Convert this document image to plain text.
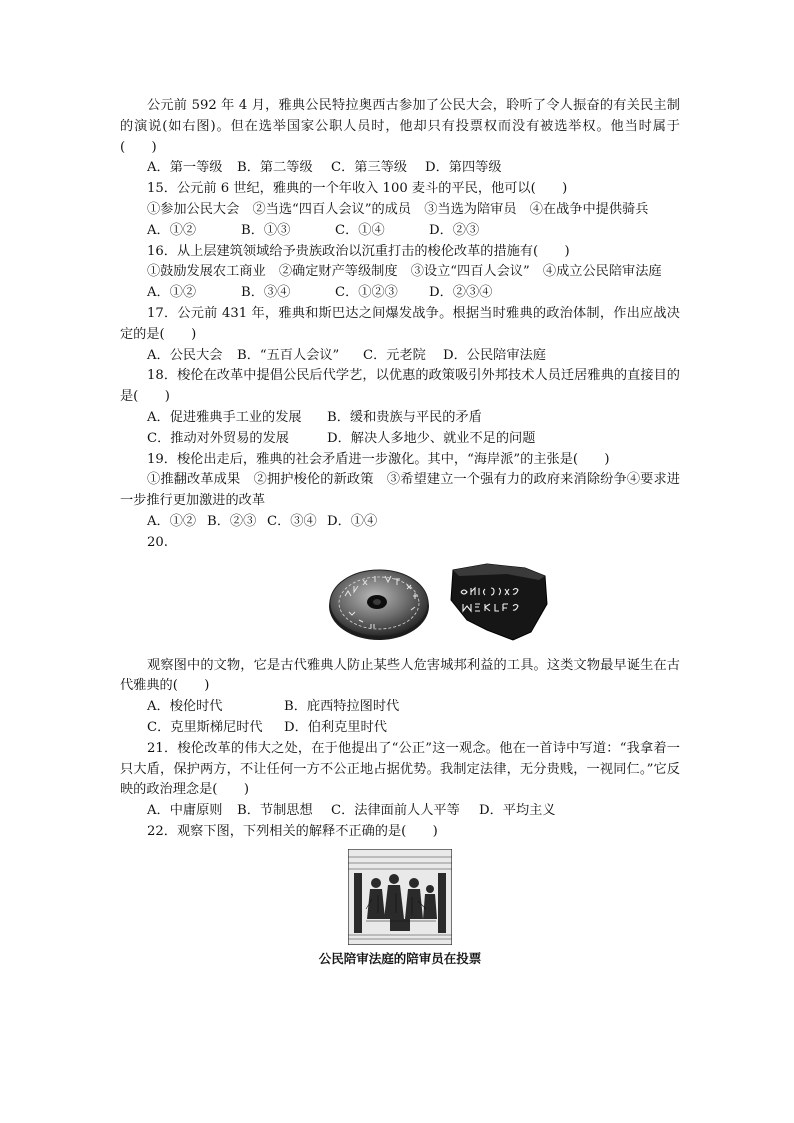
公元前 592 年 4 月，雅典公民特拉奥西古参加了公民大会，聆听了令人振奋的有关民主制的演说(如右图)。但在选举国家公职人员时，他却只有投票权而没有被选举权。他当时属于(　　)

A．第一等级 B．第二等级 C．第三等级 D．第四等级

15．公元前 6 世纪，雅典的一个年收入 100 麦斗的平民，他可以(　　)

①参加公民大会　②当选“四百人会议”的成员　③当选为陪审员　④在战争中提供骑兵

A．①②	B．①③	C．①④	D．②③

16．从上层建筑领域给予贵族政治以沉重打击的梭伦改革的措施有(　　)

①鼓励发展农工商业　②确定财产等级制度　③设立“四百人会议”　④成立公民陪审法庭

A．①②	B．③④	C．①②③ D．②③④

17．公元前 431 年，雅典和斯巴达之间爆发战争。根据当时雅典的政治体制，作出应战决定的是(　　)

A．公民大会 B．“五百人会议” C．元老院 D．公民陪审法庭

18．梭伦在改革中提倡公民后代学艺，以优惠的政策吸引外邦技术人员迁居雅典的直接目的是(　　)

A．促进雅典手工业的发展 B．缓和贵族与平民的矛盾

C．推动对外贸易的发展	D．解决人多地少、就业不足的问题

19．梭伦出走后，雅典的社会矛盾进一步激化。其中，“海岸派”的主张是(　　)

①推翻改革成果　②拥护梭伦的新政策　③希望建立一个强有力的政府来消除纷争④要求进一步推行更加激进的改革

A．①② B．②③ C．③④ D．①④

20.

观察图中的文物，它是古代雅典人防止某些人危害城邦利益的工具。这类文物最早诞生在古代雅典的(　　)

A．梭伦时代	B．庇西特拉图时代

C．克里斯梯尼时代 D．伯利克里时代

21．梭伦改革的伟大之处，在于他提出了“公正”这一观念。他在一首诗中写道：“我拿着一只大盾，保护两方，不让任何一方不公正地占据优势。我制定法律，无分贵贱，一视同仁。”它反映的政治理念是(　　)

A．中庸原则 B．节制思想 C．法律面前人人平等 D．平均主义

22．观察下图，下列相关的解释不正确的是(　　)

公民陪审法庭的陪审员在投票
